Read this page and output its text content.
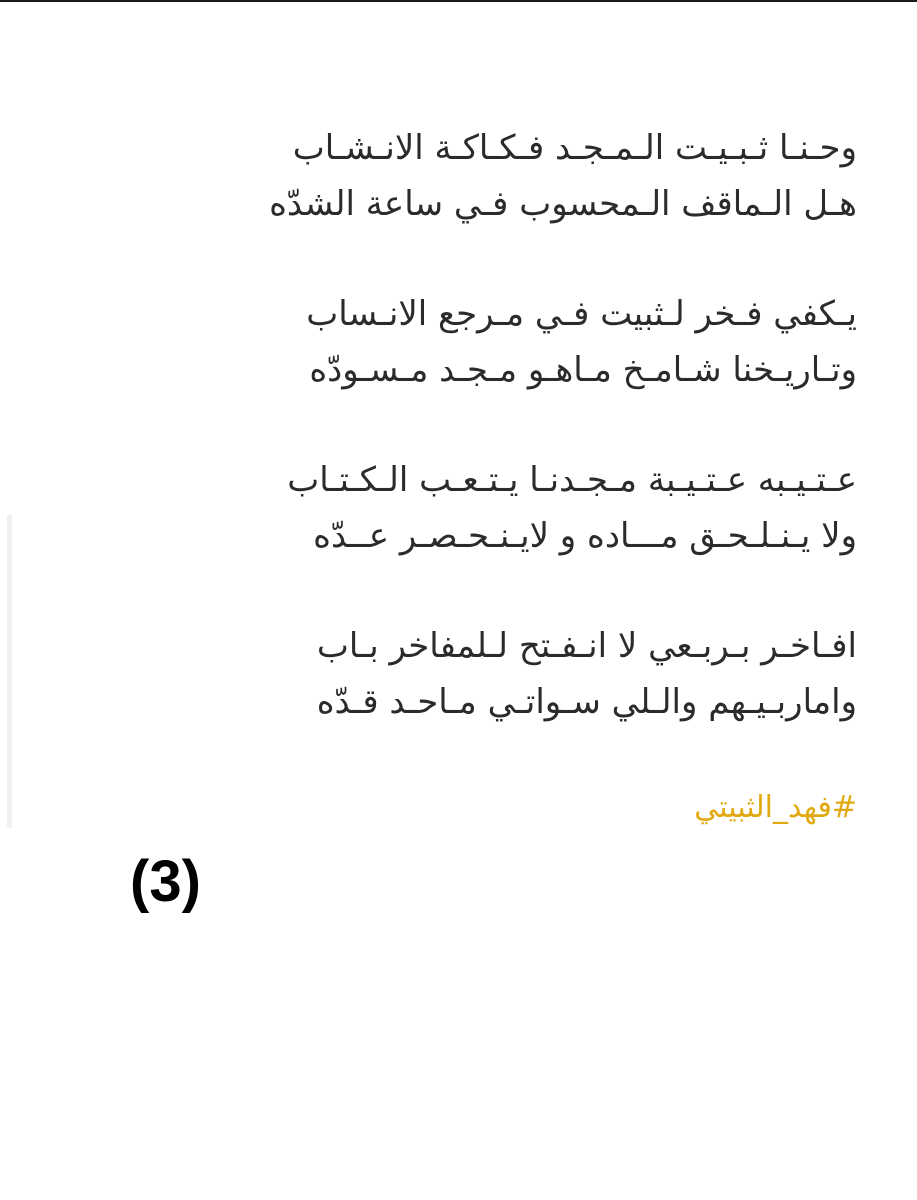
وحـنـا ثـبـيـت الـمـجـد فـكـاكـة الانـشـاب
هـل الـماقف الـمحسوب فـي ساعة الشدّه
يـكفي فـخر لـثبيت فـي مـرجع الانـساب
وتـاريـخنا شـامـخ مـاهـو مـجـد مـسـودّه
عـتـيـبه عـتـيـبة مـجـدنـا يـتـعـب الـكـتـاب
ولا يـنـلـحـق مـــاده و لايـنـحـصـر عــدّه
افـاخـر بـربـعي لا انـفـتح لـلمفاخر بـاب
واماربـيـهم والـلي سـواتـي مـاحـد قـدّه
#فهد_الثبيتي
(3)
